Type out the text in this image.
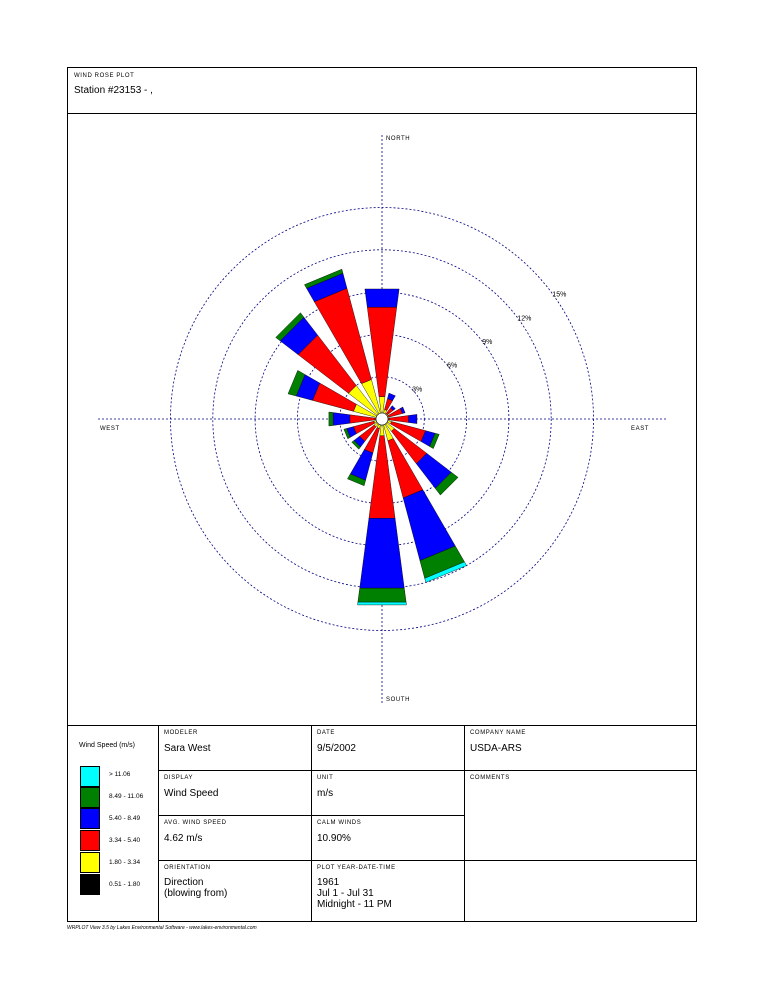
WIND ROSE PLOT
Station #23153 - ,
NORTH
SOUTH
EAST
WEST
3%
6%
9%
12%
15%
Wind Speed (m/s)
> 11.06
8.49 - 11.06
5.40 - 8.49
3.34 - 5.40
1.80 - 3.34
0.51 - 1.80
MODELER
Sara West
DATE
9/5/2002
COMPANY NAME
USDA-ARS
DISPLAY
Wind Speed
UNIT
m/s
COMMENTS
AVG. WIND SPEED
4.62 m/s
CALM WINDS
10.90%
ORIENTATION
Direction
(blowing from)
PLOT YEAR-DATE-TIME
1961
Jul 1 - Jul 31
Midnight - 11 PM
WRPLOT View 3.5 by Lakes Environmental Software - www.lakes-environmental.com
